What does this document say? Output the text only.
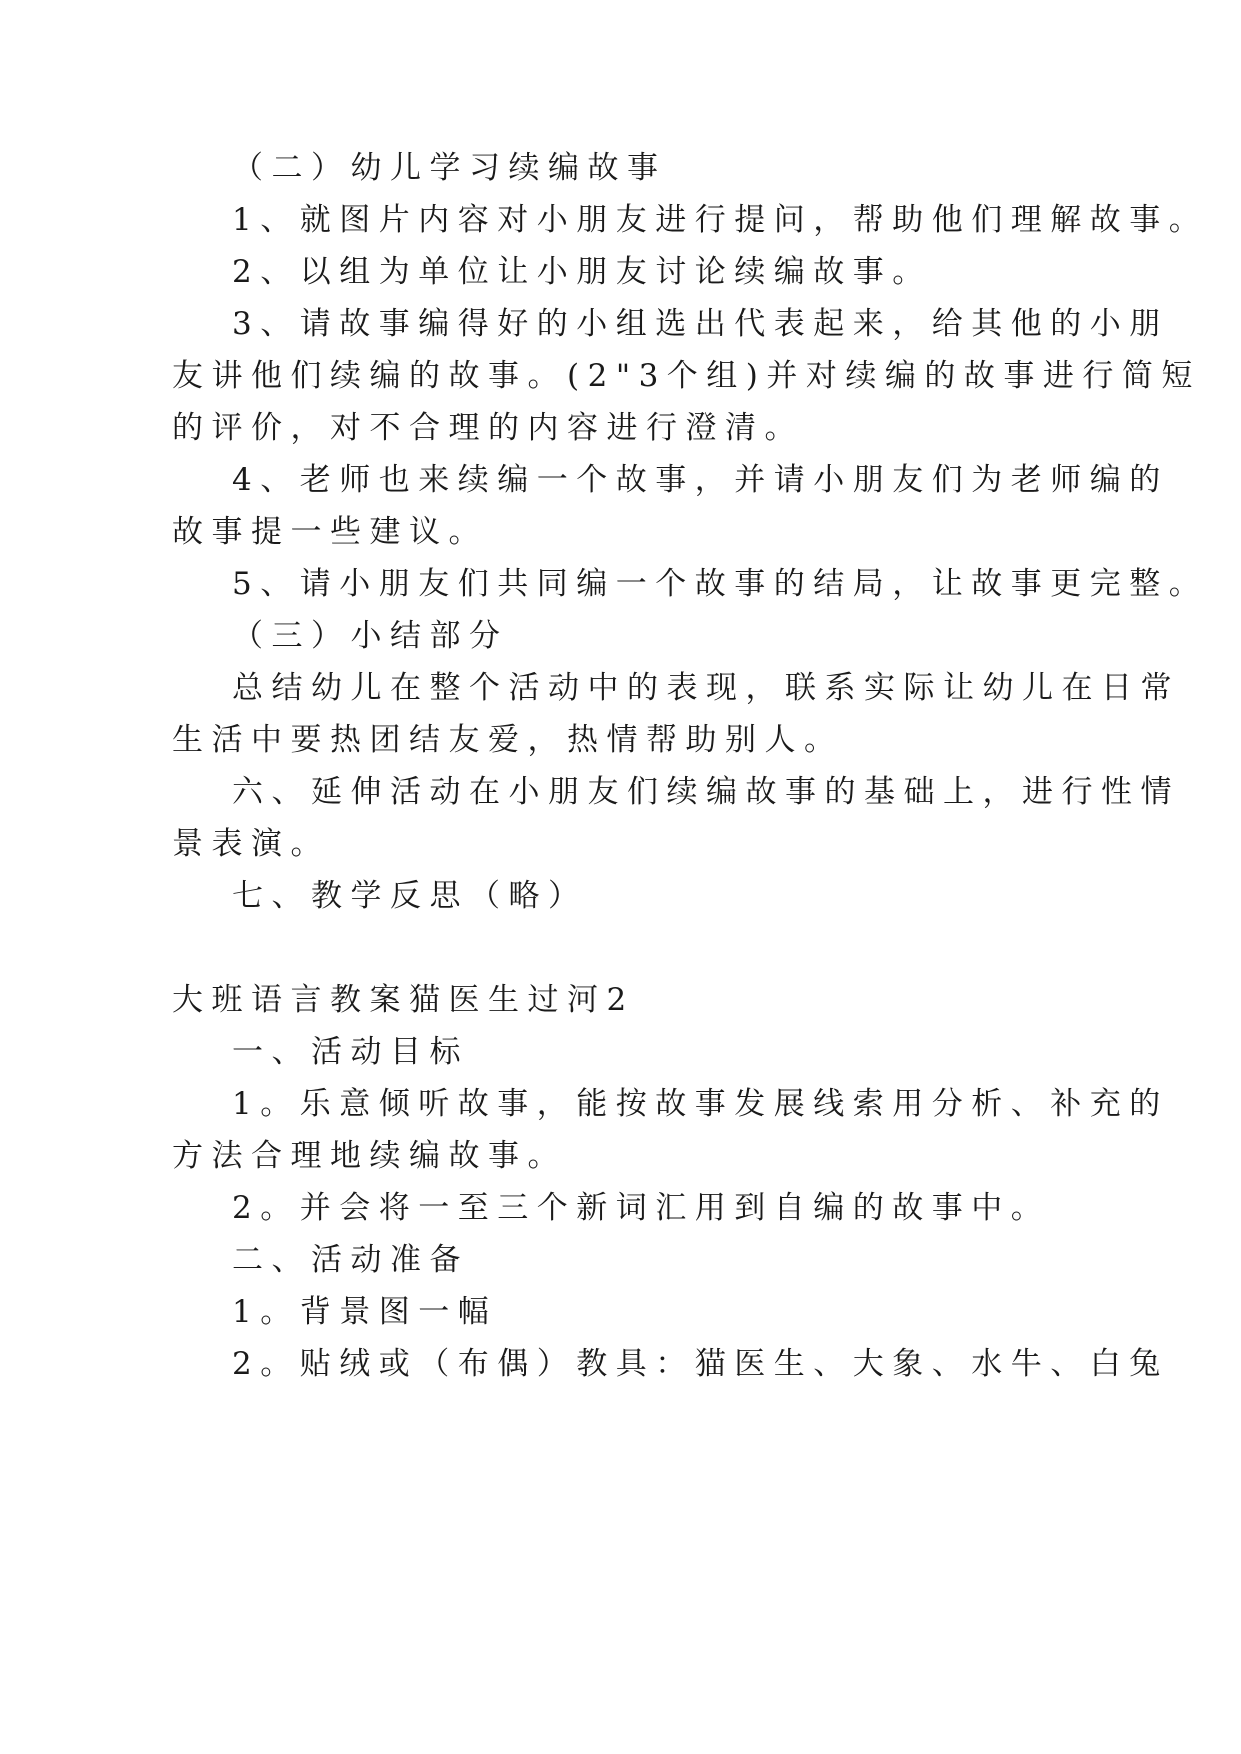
（二）幼儿学习续编故事
1、就图片内容对小朋友进行提问，帮助他们理解故事。
2、以组为单位让小朋友讨论续编故事。
3、请故事编得好的小组选出代表起来，给其他的小朋
友讲他们续编的故事。(2"3个组)并对续编的故事进行简短
的评价，对不合理的内容进行澄清。
4、老师也来续编一个故事，并请小朋友们为老师编的
故事提一些建议。
5、请小朋友们共同编一个故事的结局，让故事更完整。
（三）小结部分
总结幼儿在整个活动中的表现，联系实际让幼儿在日常
生活中要热团结友爱，热情帮助别人。
六、延伸活动在小朋友们续编故事的基础上，进行性情
景表演。
七、教学反思（略）
大班语言教案猫医生过河2
一、活动目标
1。乐意倾听故事，能按故事发展线索用分析、补充的
方法合理地续编故事。
2。并会将一至三个新词汇用到自编的故事中。
二、活动准备
1。背景图一幅
2。贴绒或（布偶）教具：猫医生、大象、水牛、白兔
